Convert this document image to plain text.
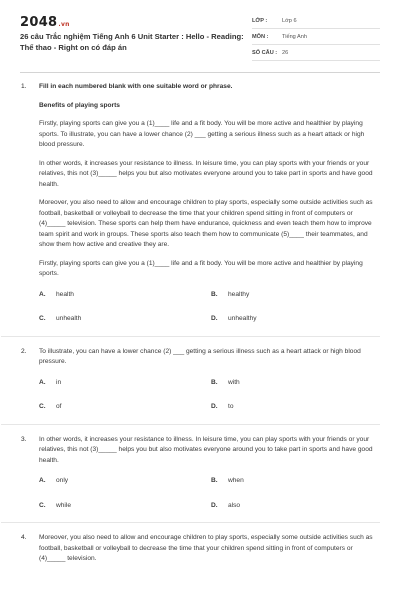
2048.vn
26 câu Trắc nghiệm Tiếng Anh 6 Unit Starter : Hello - Reading: Thể thao - Right on có đáp án
LỚP :	Lớp 6
MÔN :	Tiếng Anh
SỐ CÂU : 26
1. Fill in each numbered blank with one suitable word or phrase.
Benefits of playing sports
Firstly, playing sports can give you a (1)____ life and a fit body. You will be more active and healthier by playing sports. To illustrate, you can have a lower chance (2) ___ getting a serious illness such as a heart attack or high blood pressure.
In other words, it increases your resistance to illness. In leisure time, you can play sports with your friends or your relatives, this not (3)_____ helps you but also motivates everyone around you to take part in sports and have good health.
Moreover, you also need to allow and encourage children to play sports, especially some outside activities such as football, basketball or volleyball to decrease the time that your children spend sitting in front of computers or (4)_____ television. These sports can help them have endurance, quickness and even teach them how to improve team spirit and work in groups. These sports also teach them how to communicate (5)____ their teammates, and show them how active and creative they are.
Firstly, playing sports can give you a (1)____ life and a fit body. You will be more active and healthier by playing sports.
A. health	B. healthy
C. unhealth	D. unhealthy
2. To illustrate, you can have a lower chance (2) ___ getting a serious illness such as a heart attack or high blood pressure.
A. in	B. with
C. of	D. to
3. In other words, it increases your resistance to illness. In leisure time, you can play sports with your friends or your relatives, this not (3)_____ helps you but also motivates everyone around you to take part in sports and have good health.
A. only	B. when
C. while	D. also
4. Moreover, you also need to allow and encourage children to play sports, especially some outside activities such as football, basketball or volleyball to decrease the time that your children spend sitting in front of computers or (4)_____ television.
